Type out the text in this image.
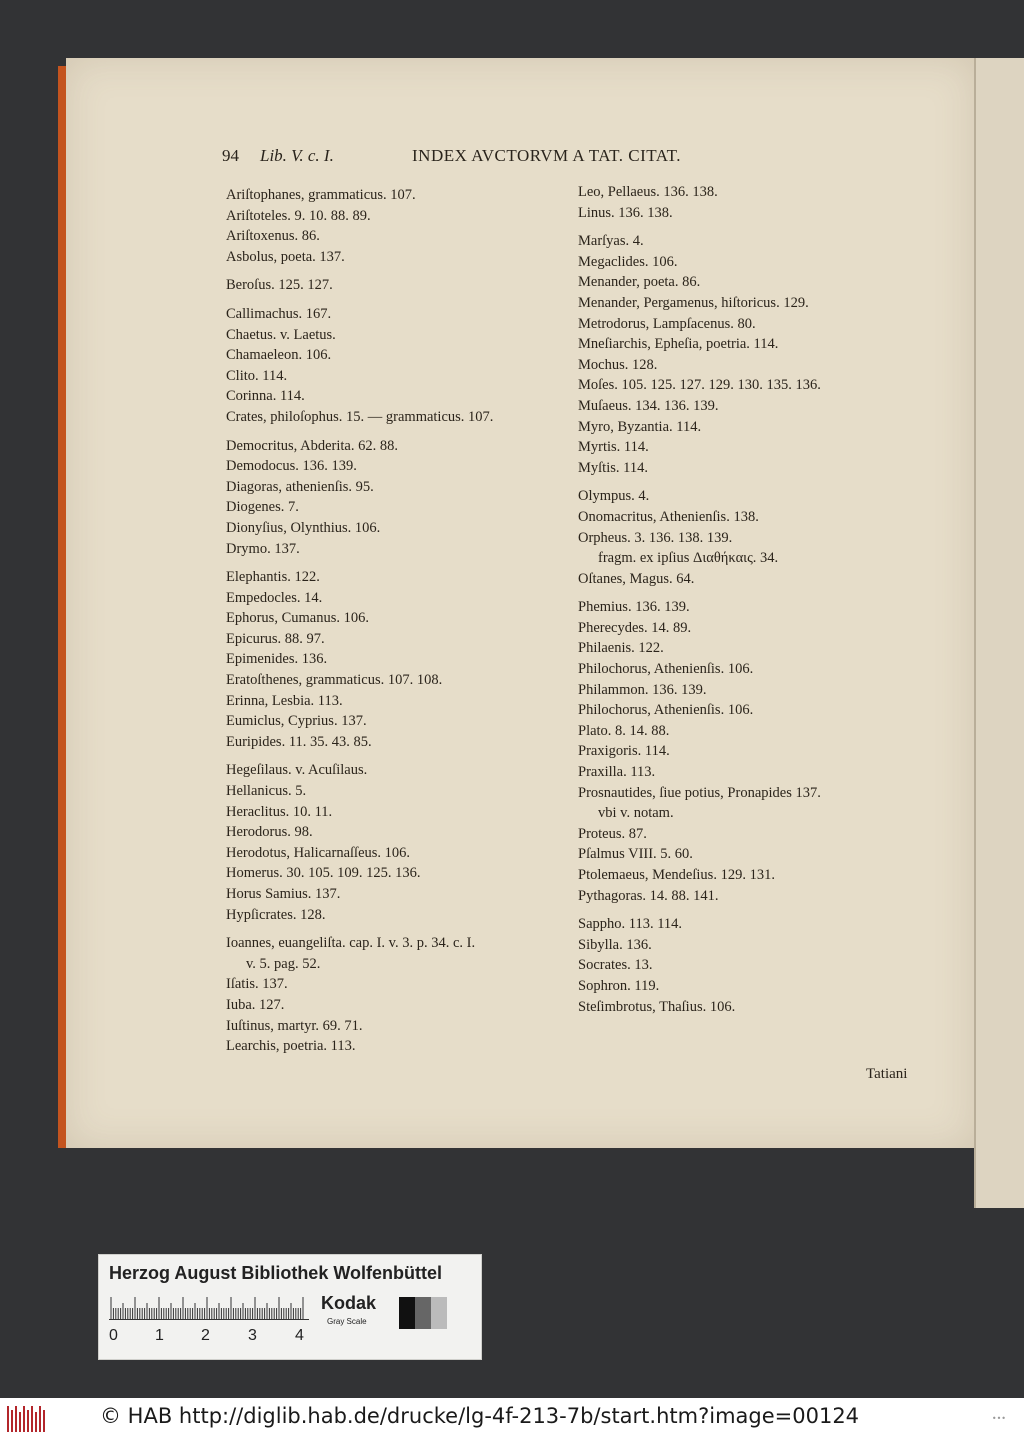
94 Lib. V. c. I.	INDEX AVCTORVM A TAT. CITAT.
Ariſtophanes, grammaticus. 107.
Ariſtoteles. 9. 10. 88. 89.
Ariſtoxenus. 86.
Asbolus, poeta. 137.
Beroſus. 125. 127.
Callimachus. 167.
Chaetus. v. Laetus.
Chamaeleon. 106.
Clito. 114.
Corinna. 114.
Crates, philoſophus. 15. — grammaticus. 107.
Democritus, Abderita. 62. 88.
Demodocus. 136. 139.
Diagoras, athenienſis. 95.
Diogenes. 7.
Dionyſius, Olynthius. 106.
Drymo. 137.
Elephantis. 122.
Empedocles. 14.
Ephorus, Cumanus. 106.
Epicurus. 88. 97.
Epimenides. 136.
Eratoſthenes, grammaticus. 107. 108.
Erinna, Lesbia. 113.
Eumiclus, Cyprius. 137.
Euripides. 11. 35. 43. 85.
Hegeſilaus. v. Acuſilaus.
Hellanicus. 5.
Heraclitus. 10. 11.
Herodorus. 98.
Herodotus, Halicarnaſſeus. 106.
Homerus. 30. 105. 109. 125. 136.
Horus Samius. 137.
Hypſicrates. 128.
Ioannes, euangeliſta. cap. I. v. 3. p. 34. c. I.
v. 5. pag. 52.
Iſatis. 137.
Iuba. 127.
Iuſtinus, martyr. 69. 71.
Learchis, poetria. 113.
Leo, Pellaeus. 136. 138.
Linus. 136. 138.
Marſyas. 4.
Megaclides. 106.
Menander, poeta. 86.
Menander, Pergamenus, hiſtoricus. 129.
Metrodorus, Lampſacenus. 80.
Mneſiarchis, Epheſia, poetria. 114.
Mochus. 128.
Moſes. 105. 125. 127. 129. 130. 135. 136.
Muſaeus. 134. 136. 139.
Myro, Byzantia. 114.
Myrtis. 114.
Myſtis. 114.
Olympus. 4.
Onomacritus, Athenienſis. 138.
Orpheus. 3. 136. 138. 139.
fragm. ex ipſius Διαθήκαις. 34.
Oſtanes, Magus. 64.
Phemius. 136. 139.
Pherecydes. 14. 89.
Philaenis. 122.
Philochorus, Athenienſis. 106.
Philammon. 136. 139.
Philochorus, Athenienſis. 106.
Plato. 8. 14. 88.
Praxigoris. 114.
Praxilla. 113.
Prosnautides, ſiue potius, Pronapides 137.
vbi v. notam.
Proteus. 87.
Pſalmus VIII. 5. 60.
Ptolemaeus, Mendeſius. 129. 131.
Pythagoras. 14. 88. 141.
Sappho. 113. 114.
Sibylla. 136.
Socrates. 13.
Sophron. 119.
Steſimbrotus, Thaſius. 106.
Tatiani
Herzog August Bibliothek Wolfenbüttel
0 1 2 3 4
Kodak
Gray Scale
© HAB http://diglib.hab.de/drucke/lg-4f-213-7b/start.htm?image=00124	•••
